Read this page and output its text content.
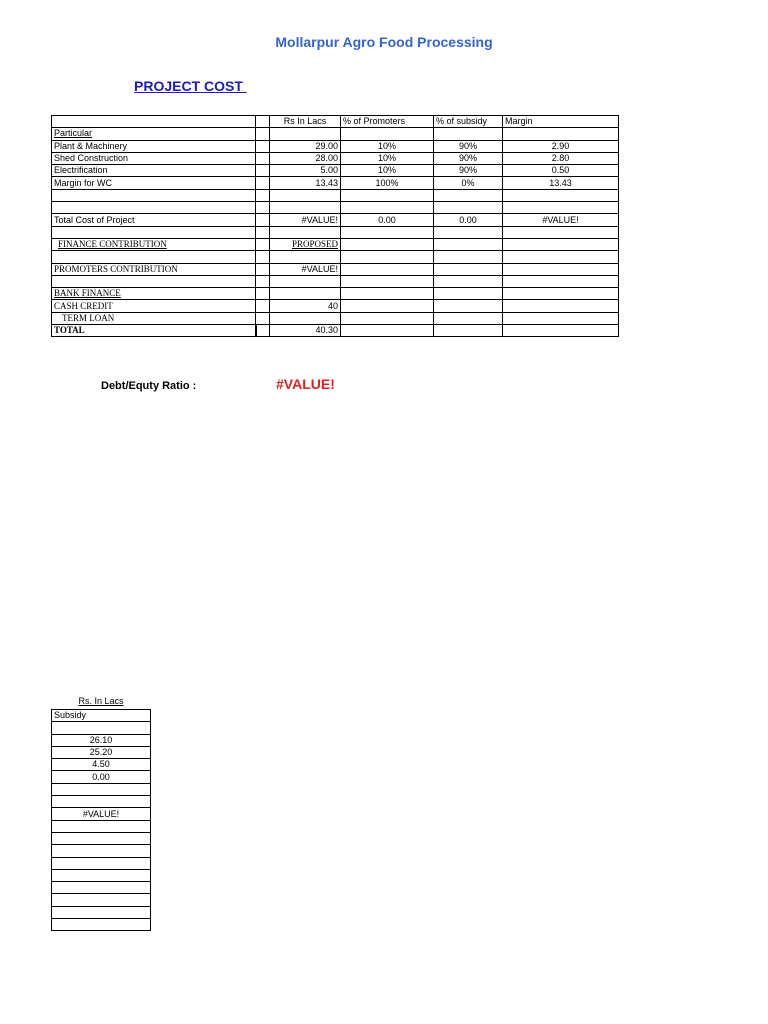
Mollarpur Agro Food Processing
PROJECT COST
		Rs In Lacs	% of Promoters	% of subsidy	Margin
Particular					
Plant & Machinery		29.00	10%	90%	2.90
Shed Construction		28.00	10%	90%	2.80
Electrification		5.00	10%	90%	0.50
Margin for WC		13.43	100%	0%	13.43

Total Cost of Project		#VALUE!	0.00	0.00	#VALUE!

FINANCE CONTRIBUTION		PROPOSED			

PROMOTERS CONTRIBUTION		#VALUE!			

BANK FINANCE					
CASH CREDIT		40			
TERM LOAN					
TOTAL		40.30			
Debt/Equty Ratio :	#VALUE!
Rs. In Lacs
Subsidy

26.10
25.20
4.50
0.00

#VALUE!
